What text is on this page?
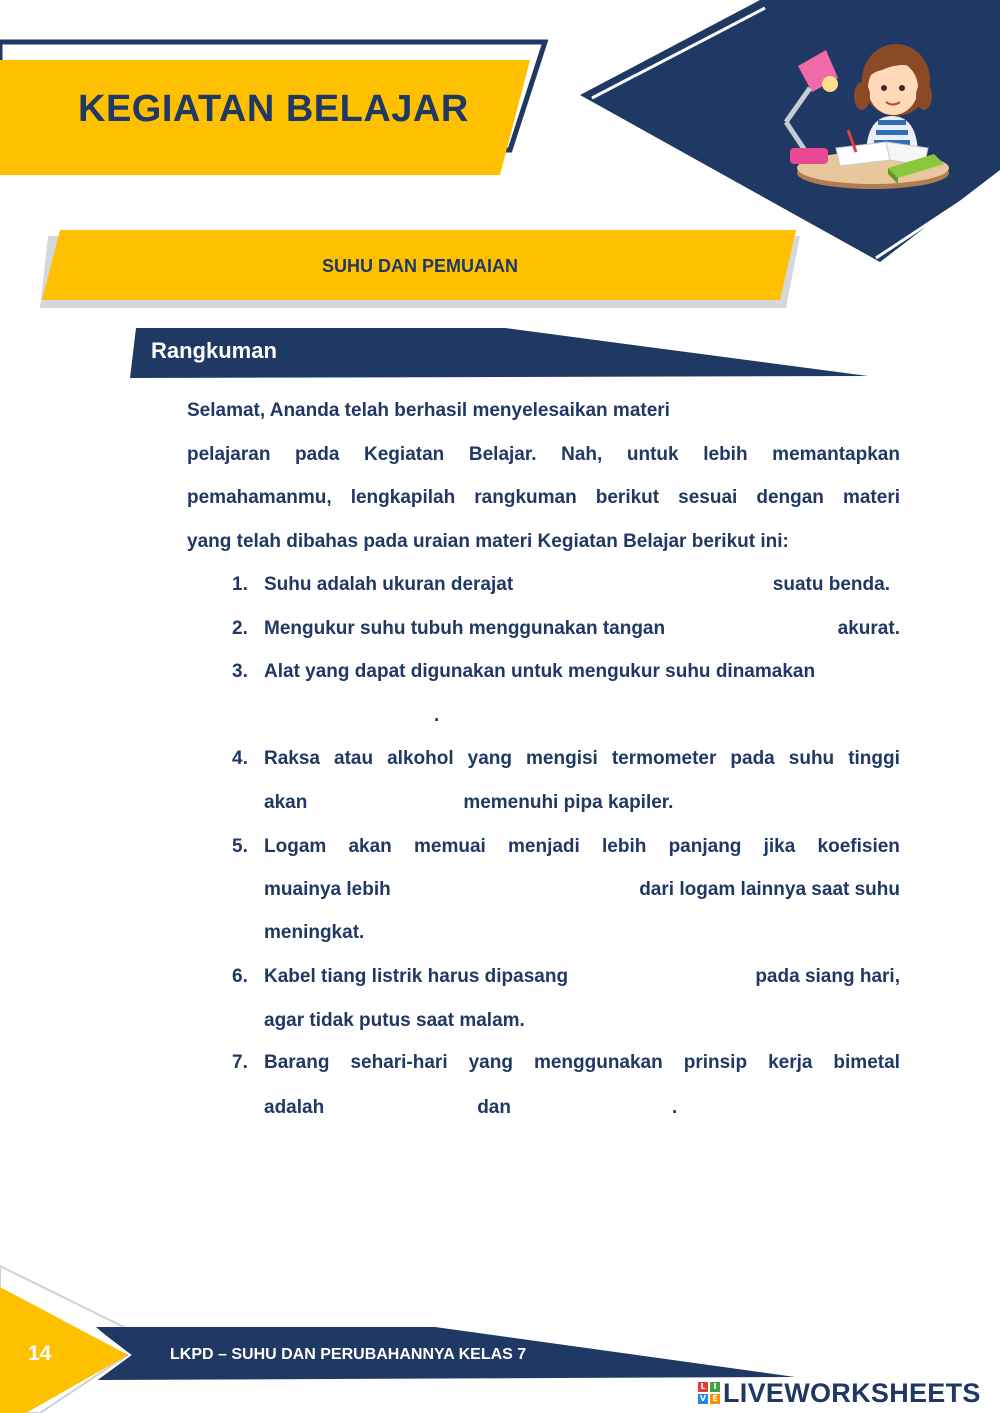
KEGIATAN BELAJAR
SUHU DAN PEMUAIAN
Rangkuman
Selamat, Ananda telah berhasil menyelesaikan materi
pelajaran pada Kegiatan Belajar. Nah, untuk lebih memantapkan
pemahamanmu, lengkapilah rangkuman berikut sesuai dengan materi
yang telah dibahas pada uraian materi Kegiatan Belajar berikut ini:
1. Suhu adalah ukuran derajat	suatu benda.
2. Mengukur suhu tubuh menggunakan tangan	akurat.
3. Alat yang dapat digunakan untuk mengukur suhu dinamakan
.
4. Raksa atau alkohol yang mengisi termometer pada suhu tinggi
akan	memenuhi pipa kapiler.
5. Logam akan memuai menjadi lebih panjang jika koefisien
muainya lebih	dari logam lainnya saat suhu
meningkat.
6. Kabel tiang listrik harus dipasang	pada siang hari,
agar tidak putus saat malam.
7. Barang sehari-hari yang menggunakan prinsip kerja bimetal
adalah	dan	.
14	LKPD – SUHU DAN PERUBAHANNYA KELAS 7
L I
V E LIVEWORKSHEETS
